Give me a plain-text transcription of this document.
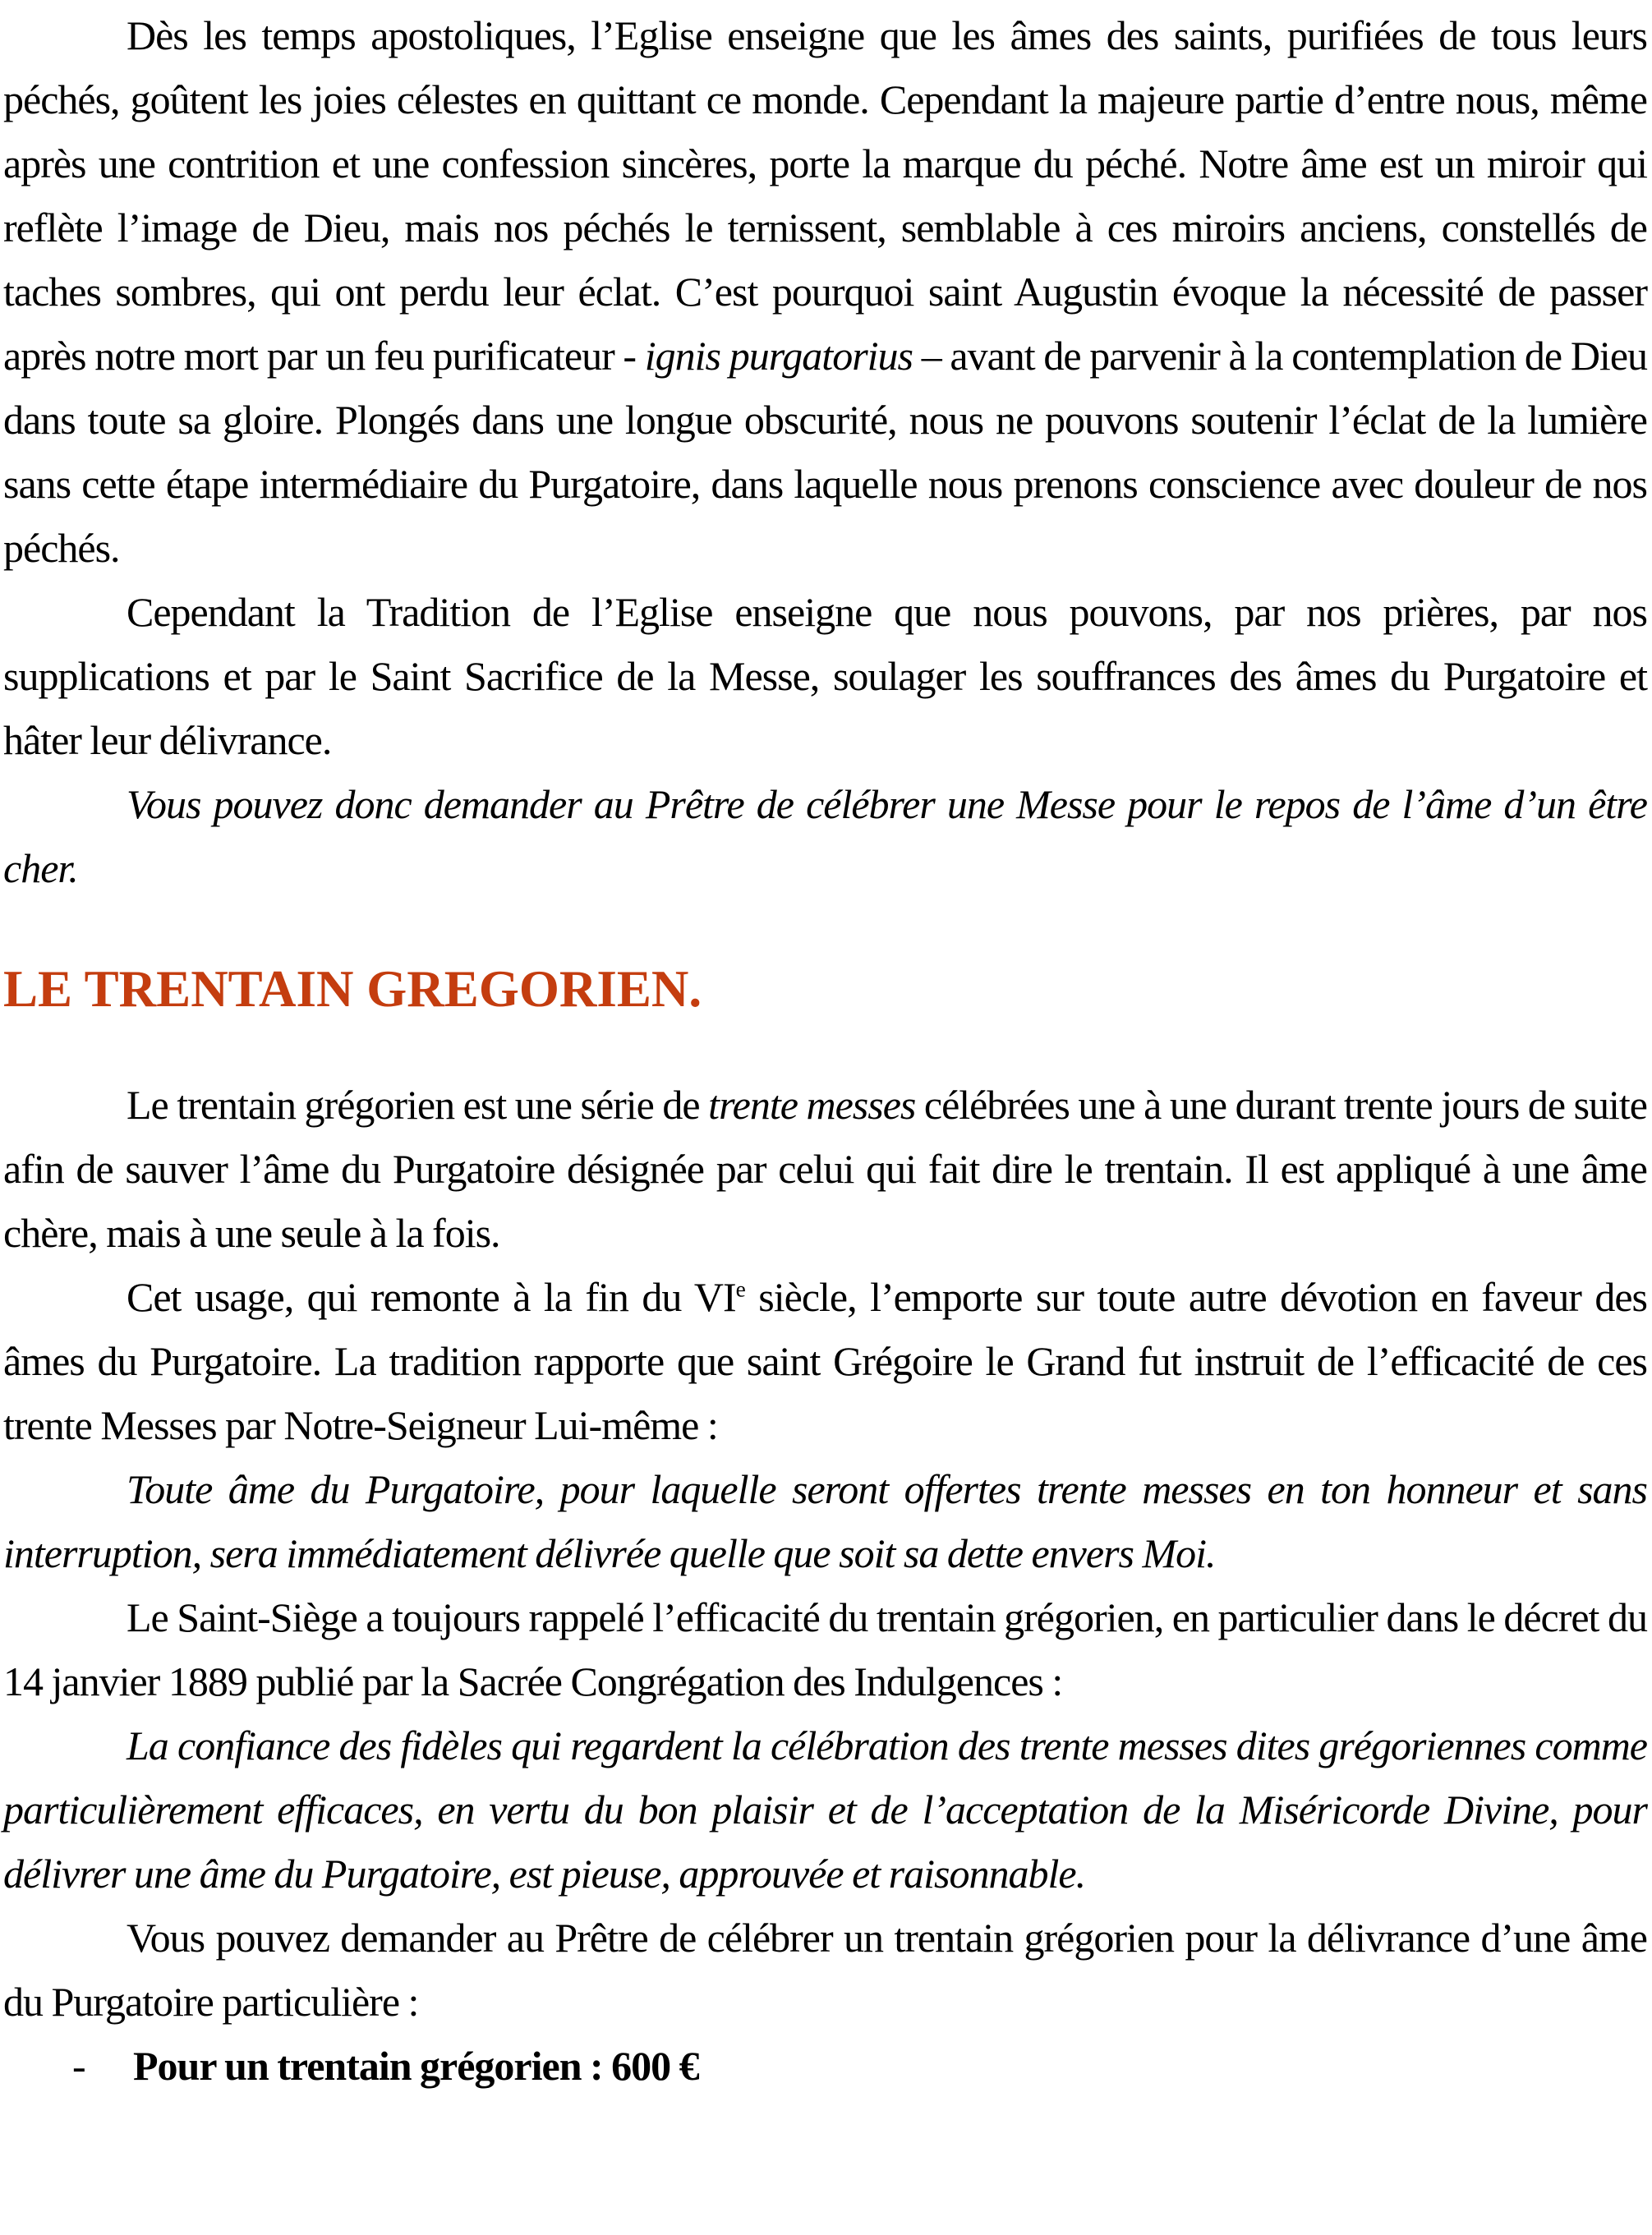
Dès les temps apostoliques, l’Eglise enseigne que les âmes des saints, purifiées de tous leurs péchés, goûtent les joies célestes en quittant ce monde. Cependant la majeure partie d’entre nous, même après une contrition et une confession sincères, porte la marque du péché. Notre âme est un miroir qui reflète l’image de Dieu, mais nos péchés le ternissent, semblable à ces miroirs anciens, constellés de taches sombres, qui ont perdu leur éclat. C’est pourquoi saint Augustin évoque la nécessité de passer après notre mort par un feu purificateur - ignis purgatorius – avant de parvenir à la contemplation de Dieu dans toute sa gloire. Plongés dans une longue obscurité, nous ne pouvons soutenir l’éclat de la lumière sans cette étape intermédiaire du Purgatoire, dans laquelle nous prenons conscience avec douleur de nos péchés.

Cependant la Tradition de l’Eglise enseigne que nous pouvons, par nos prières, par nos supplications et par le Saint Sacrifice de la Messe, soulager les souffrances des âmes du Purgatoire et hâter leur délivrance.

Vous pouvez donc demander au Prêtre de célébrer une Messe pour le repos de l’âme d’un être cher.

LE TRENTAIN GREGORIEN.

Le trentain grégorien est une série de trente messes célébrées une à une durant trente jours de suite afin de sauver l’âme du Purgatoire désignée par celui qui fait dire le trentain. Il est appliqué à une âme chère, mais à une seule à la fois.

Cet usage, qui remonte à la fin du VIe siècle, l’emporte sur toute autre dévotion en faveur des âmes du Purgatoire. La tradition rapporte que saint Grégoire le Grand fut instruit de l’efficacité de ces trente Messes par Notre-Seigneur Lui-même :

Toute âme du Purgatoire, pour laquelle seront offertes trente messes en ton honneur et sans interruption, sera immédiatement délivrée quelle que soit sa dette envers Moi.

Le Saint-Siège a toujours rappelé l’efficacité du trentain grégorien, en particulier dans le décret du 14 janvier 1889 publié par la Sacrée Congrégation des Indulgences :

La confiance des fidèles qui regardent la célébration des trente messes dites grégoriennes comme particulièrement efficaces, en vertu du bon plaisir et de l’acceptation de la Miséricorde Divine, pour délivrer une âme du Purgatoire, est pieuse, approuvée et raisonnable.

Vous pouvez demander au Prêtre de célébrer un trentain grégorien pour la délivrance d’une âme du Purgatoire particulière :

- Pour un trentain grégorien : 600 €
